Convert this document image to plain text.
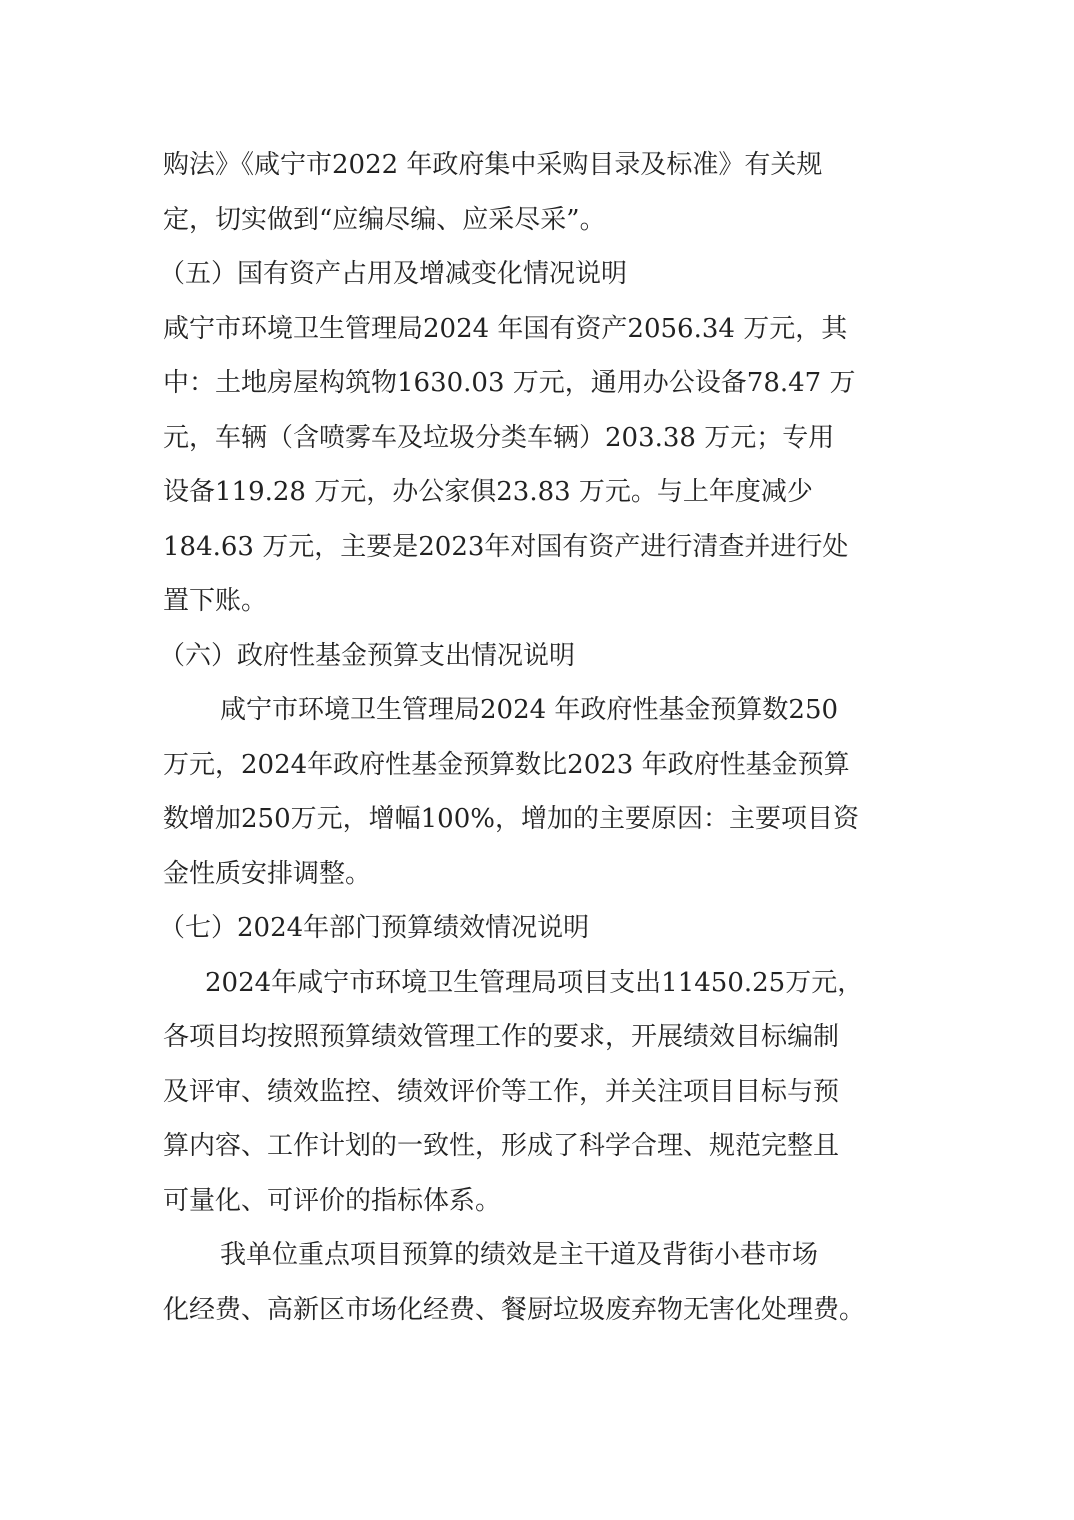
购法》《咸宁市2022 年政府集中采购目录及标准》有关规
定，切实做到“应编尽编、应采尽采”。
（五）国有资产占用及增减变化情况说明
咸宁市环境卫生管理局2024 年国有资产2056.34 万元，其
中：土地房屋构筑物1630.03 万元，通用办公设备78.47 万
元，车辆（含喷雾车及垃圾分类车辆）203.38 万元；专用
设备119.28 万元，办公家俱23.83 万元。与上年度减少
184.63 万元，主要是2023年对国有资产进行清查并进行处
置下账。
（六）政府性基金预算支出情况说明
咸宁市环境卫生管理局2024 年政府性基金预算数250
万元，2024年政府性基金预算数比2023 年政府性基金预算
数增加250万元，增幅100%，增加的主要原因：主要项目资
金性质安排调整。
（七）2024年部门预算绩效情况说明
2024年咸宁市环境卫生管理局项目支出11450.25万元，
各项目均按照预算绩效管理工作的要求，开展绩效目标编制
及评审、绩效监控、绩效评价等工作，并关注项目目标与预
算内容、工作计划的一致性，形成了科学合理、规范完整且
可量化、可评价的指标体系。
我单位重点项目预算的绩效是主干道及背街小巷市场
化经费、高新区市场化经费、餐厨垃圾废弃物无害化处理费。
